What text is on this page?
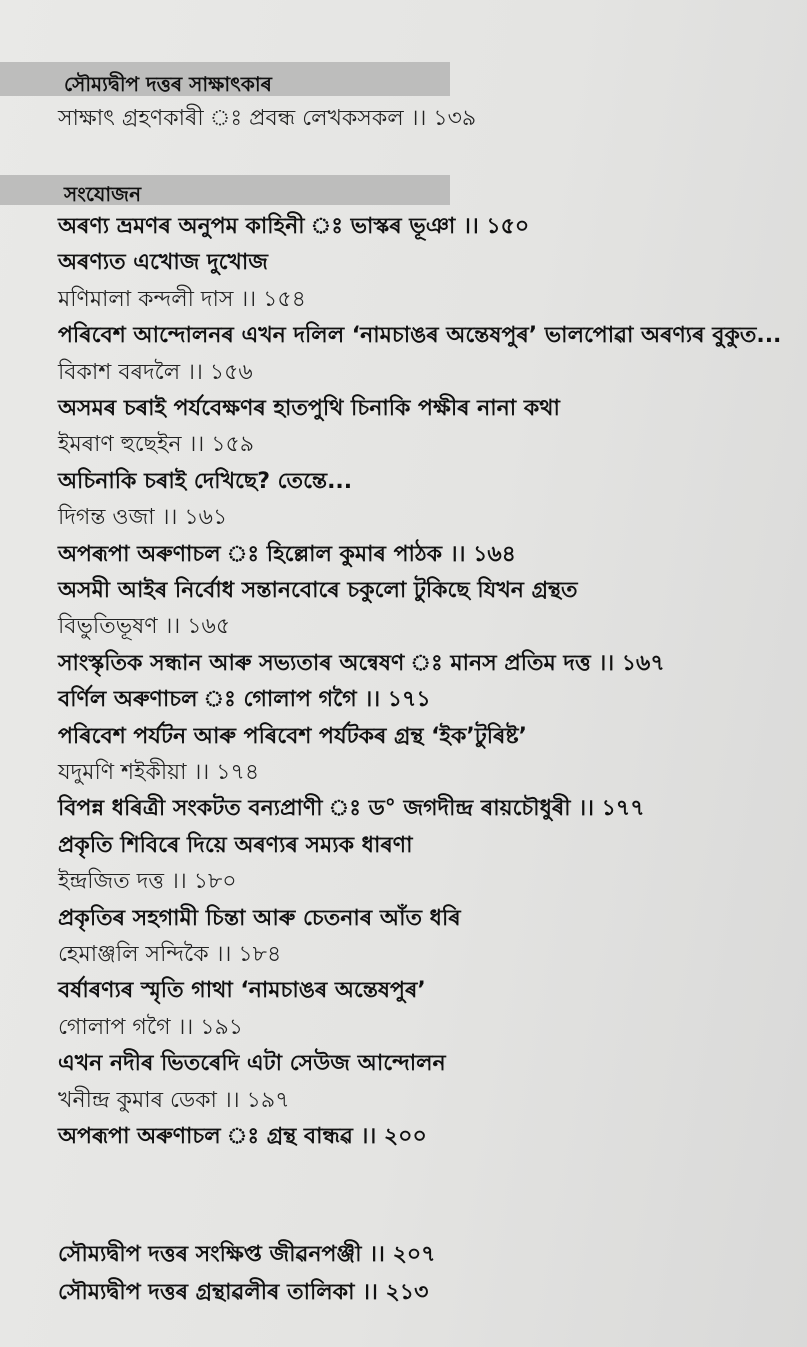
সৌম্যদ্বীপ দত্তৰ সাক্ষাৎকাৰ
সাক্ষাৎ গ্ৰহণকাৰী ঃ প্ৰবন্ধ লেখকসকল ।। ১৩৯
সংযোজন
অৰণ্য ভ্ৰমণৰ অনুপম কাহিনী ঃ ভাস্কৰ ভূঞা ।। ১৫০
অৰণ্যত এখোজ দুখোজ
মণিমালা কন্দলী দাস ।। ১৫৪
পৰিবেশ আন্দোলনৰ এখন দলিল ‘নামচাঙৰ অন্তেষপুৰ’ ভালপোৱা অৰণ্যৰ বুকুত...
বিকাশ বৰদলৈ ।। ১৫৬
অসমৰ চৰাই পৰ্যবেক্ষণৰ হাতপুথি চিনাকি পক্ষীৰ নানা কথা
ইমৰাণ হুছেইন ।। ১৫৯
অচিনাকি চৰাই দেখিছে? তেন্তে...
দিগন্ত ওজা ।। ১৬১
অপৰূপা অৰুণাচল ঃ হিল্লোল কুমাৰ পাঠক ।। ১৬৪
অসমী আইৰ নিৰ্বোধ সন্তানবোৰে চকুলো টুকিছে যিখন গ্ৰন্থত
বিভুতিভূষণ ।। ১৬৫
সাংস্কৃতিক সন্ধান আৰু সভ্যতাৰ অন্বেষণ ঃ মানস প্ৰতিম দত্ত ।। ১৬৭
বৰ্ণিল অৰুণাচল ঃ গোলাপ গগৈ ।। ১৭১
পৰিবেশ পৰ্যটন আৰু পৰিবেশ পৰ্যটকৰ গ্ৰন্থ ‘ইক’টুৰিষ্ট’
যদুমণি শইকীয়া ।। ১৭৪
বিপন্ন ধৰিত্ৰী সংকটত বন্যপ্ৰাণী ঃ ড° জগদীন্দ্ৰ ৰায়চৌধুৰী ।। ১৭৭
প্ৰকৃতি শিবিৰে দিয়ে অৰণ্যৰ সম্যক ধাৰণা
ইন্দ্ৰজিত দত্ত ।। ১৮০
প্ৰকৃতিৰ সহগামী চিন্তা আৰু চেতনাৰ আঁত ধৰি
হেমাঞ্জলি সন্দিকৈ ।। ১৮৪
বৰ্ষাৰণ্যৰ স্মৃতি গাথা ‘নামচাঙৰ অন্তেষপুৰ’
গোলাপ গগৈ ।। ১৯১
এখন নদীৰ ভিতৰেদি এটা সেউজ আন্দোলন
খনীন্দ্ৰ কুমাৰ ডেকা ।। ১৯৭
অপৰূপা অৰুণাচল ঃ গ্ৰন্থ বান্ধৱ ।। ২০০
সৌম্যদ্বীপ দত্তৰ সংক্ষিপ্ত জীৱনপঞ্জী ।। ২০৭
সৌম্যদ্বীপ দত্তৰ গ্ৰন্থাৱলীৰ তালিকা ।। ২১৩
